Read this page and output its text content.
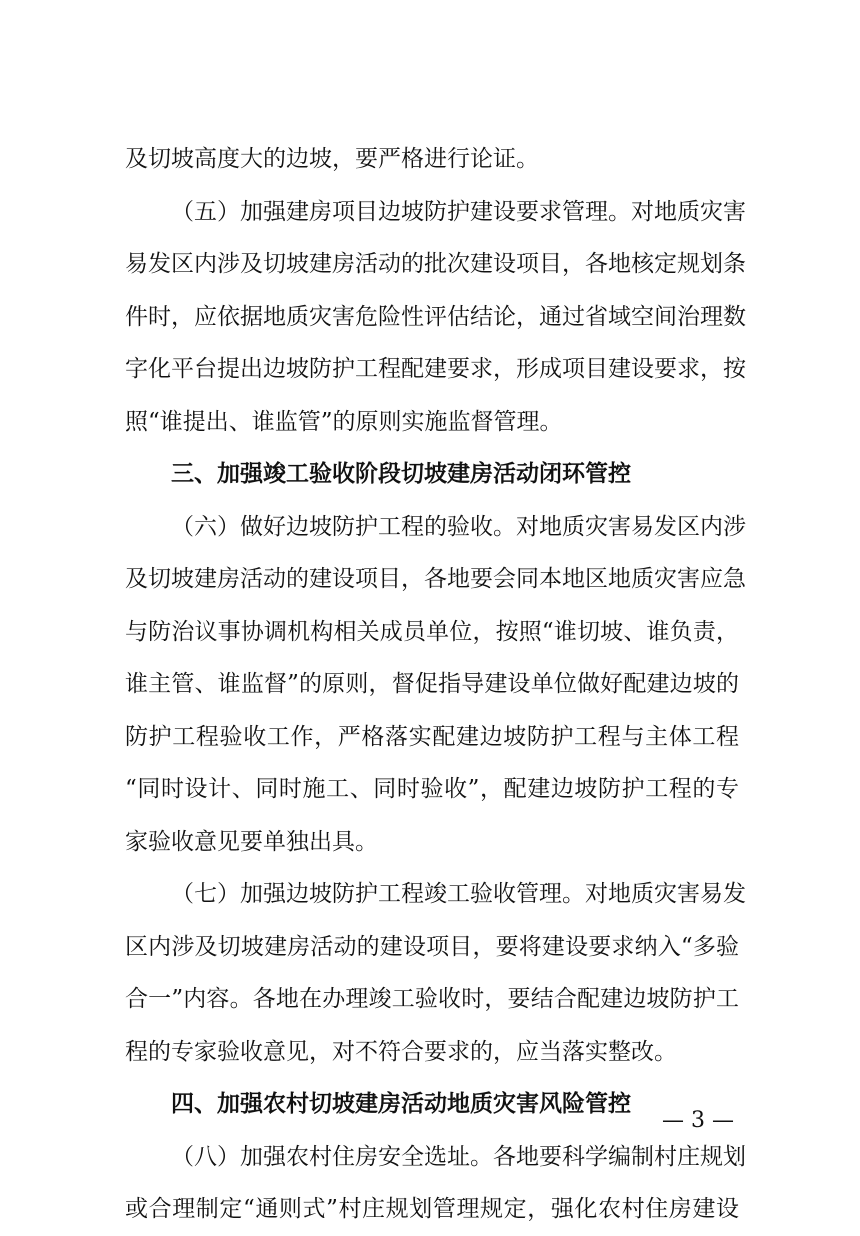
及切坡高度大的边坡，要严格进行论证。
（五）加强建房项目边坡防护建设要求管理。对地质灾害
易发区内涉及切坡建房活动的批次建设项目，各地核定规划条
件时，应依据地质灾害危险性评估结论，通过省域空间治理数
字化平台提出边坡防护工程配建要求，形成项目建设要求，按
照“谁提出、谁监管”的原则实施监督管理。
三、加强竣工验收阶段切坡建房活动闭环管控
（六）做好边坡防护工程的验收。对地质灾害易发区内涉
及切坡建房活动的建设项目，各地要会同本地区地质灾害应急
与防治议事协调机构相关成员单位，按照“谁切坡、谁负责，
谁主管、谁监督”的原则，督促指导建设单位做好配建边坡的
防护工程验收工作，严格落实配建边坡防护工程与主体工程
“同时设计、同时施工、同时验收”，配建边坡防护工程的专
家验收意见要单独出具。
（七）加强边坡防护工程竣工验收管理。对地质灾害易发
区内涉及切坡建房活动的建设项目，要将建设要求纳入“多验
合一”内容。各地在办理竣工验收时，要结合配建边坡防护工
程的专家验收意见，对不符合要求的，应当落实整改。
四、加强农村切坡建房活动地质灾害风险管控
（八）加强农村住房安全选址。各地要科学编制村庄规划
或合理制定“通则式”村庄规划管理规定，强化农村住房建设
— 3 —
